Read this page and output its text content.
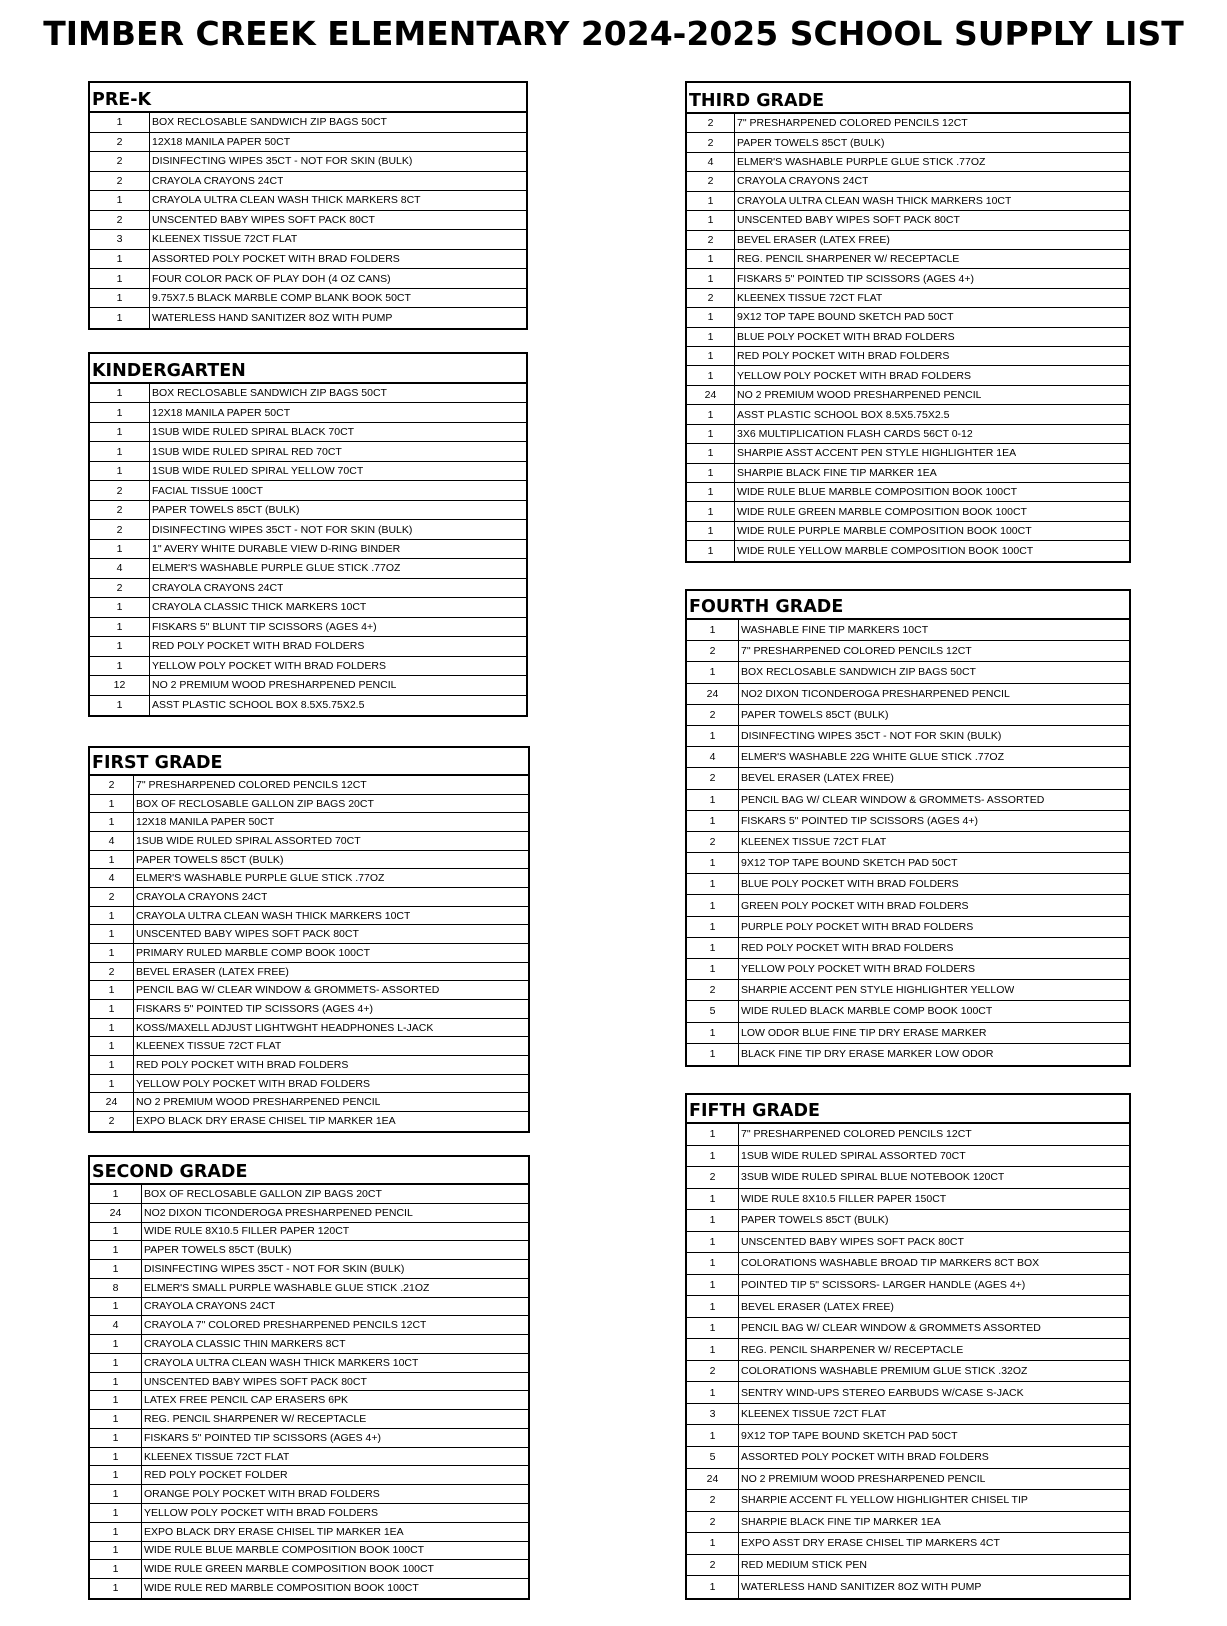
TIMBER CREEK ELEMENTARY 2024-2025 SCHOOL SUPPLY LIST
PRE-K
1	BOX RECLOSABLE SANDWICH ZIP BAGS 50CT
2	12X18 MANILA PAPER 50CT
2	DISINFECTING WIPES 35CT - NOT FOR SKIN (BULK)
2	CRAYOLA CRAYONS 24CT
1	CRAYOLA ULTRA CLEAN WASH THICK MARKERS 8CT
2	UNSCENTED BABY WIPES SOFT PACK 80CT
3	KLEENEX TISSUE 72CT FLAT
1	ASSORTED POLY POCKET WITH BRAD FOLDERS
1	FOUR COLOR PACK OF PLAY DOH (4 OZ CANS)
1	9.75X7.5 BLACK MARBLE COMP BLANK BOOK 50CT
1	WATERLESS HAND SANITIZER 8OZ WITH PUMP
KINDERGARTEN
1	BOX RECLOSABLE SANDWICH ZIP BAGS 50CT
1	12X18 MANILA PAPER 50CT
1	1SUB WIDE RULED SPIRAL BLACK 70CT
1	1SUB WIDE RULED SPIRAL RED 70CT
1	1SUB WIDE RULED SPIRAL YELLOW 70CT
2	FACIAL TISSUE 100CT
2	PAPER TOWELS 85CT (BULK)
2	DISINFECTING WIPES 35CT - NOT FOR SKIN (BULK)
1	1" AVERY WHITE DURABLE VIEW D-RING BINDER
4	ELMER'S WASHABLE PURPLE GLUE STICK .77OZ
2	CRAYOLA CRAYONS 24CT
1	CRAYOLA CLASSIC THICK MARKERS 10CT
1	FISKARS 5" BLUNT TIP SCISSORS (AGES 4+)
1	RED POLY POCKET WITH BRAD FOLDERS
1	YELLOW POLY POCKET WITH BRAD FOLDERS
12	NO 2 PREMIUM WOOD PRESHARPENED PENCIL
1	ASST PLASTIC SCHOOL BOX 8.5X5.75X2.5
FIRST GRADE
2	7" PRESHARPENED COLORED PENCILS 12CT
1	BOX OF RECLOSABLE GALLON ZIP BAGS 20CT
1	12X18 MANILA PAPER 50CT
4	1SUB WIDE RULED SPIRAL ASSORTED 70CT
1	PAPER TOWELS 85CT (BULK)
4	ELMER'S WASHABLE PURPLE GLUE STICK .77OZ
2	CRAYOLA CRAYONS 24CT
1	CRAYOLA ULTRA CLEAN WASH THICK MARKERS 10CT
1	UNSCENTED BABY WIPES SOFT PACK 80CT
1	PRIMARY RULED MARBLE COMP BOOK 100CT
2	BEVEL ERASER (LATEX FREE)
1	PENCIL BAG W/ CLEAR WINDOW & GROMMETS- ASSORTED
1	FISKARS 5" POINTED TIP SCISSORS (AGES 4+)
1	KOSS/MAXELL ADJUST LIGHTWGHT HEADPHONES L-JACK
1	KLEENEX TISSUE 72CT FLAT
1	RED POLY POCKET WITH BRAD FOLDERS
1	YELLOW POLY POCKET WITH BRAD FOLDERS
24	NO 2 PREMIUM WOOD PRESHARPENED PENCIL
2	EXPO BLACK DRY ERASE CHISEL TIP MARKER 1EA
SECOND GRADE
1	BOX OF RECLOSABLE GALLON ZIP BAGS 20CT
24	NO2 DIXON TICONDEROGA PRESHARPENED PENCIL
1	WIDE RULE 8X10.5 FILLER PAPER 120CT
1	PAPER TOWELS 85CT (BULK)
1	DISINFECTING WIPES 35CT - NOT FOR SKIN (BULK)
8	ELMER'S SMALL PURPLE WASHABLE GLUE STICK .21OZ
1	CRAYOLA CRAYONS 24CT
4	CRAYOLA 7" COLORED PRESHARPENED PENCILS 12CT
1	CRAYOLA CLASSIC THIN MARKERS 8CT
1	CRAYOLA ULTRA CLEAN WASH THICK MARKERS 10CT
1	UNSCENTED BABY WIPES SOFT PACK 80CT
1	LATEX FREE PENCIL CAP ERASERS 6PK
1	REG. PENCIL SHARPENER W/ RECEPTACLE
1	FISKARS 5" POINTED TIP SCISSORS (AGES 4+)
1	KLEENEX TISSUE 72CT FLAT
1	RED POLY POCKET FOLDER
1	ORANGE POLY POCKET WITH BRAD FOLDERS
1	YELLOW POLY POCKET WITH BRAD FOLDERS
1	EXPO BLACK DRY ERASE CHISEL TIP MARKER 1EA
1	WIDE RULE BLUE MARBLE COMPOSITION BOOK 100CT
1	WIDE RULE GREEN MARBLE COMPOSITION BOOK 100CT
1	WIDE RULE RED MARBLE COMPOSITION BOOK 100CT
THIRD GRADE
2	7" PRESHARPENED COLORED PENCILS 12CT
2	PAPER TOWELS 85CT (BULK)
4	ELMER'S WASHABLE PURPLE GLUE STICK .77OZ
2	CRAYOLA CRAYONS 24CT
1	CRAYOLA ULTRA CLEAN WASH THICK MARKERS 10CT
1	UNSCENTED BABY WIPES SOFT PACK 80CT
2	BEVEL ERASER (LATEX FREE)
1	REG. PENCIL SHARPENER W/ RECEPTACLE
1	FISKARS 5" POINTED TIP SCISSORS (AGES 4+)
2	KLEENEX TISSUE 72CT FLAT
1	9X12 TOP TAPE BOUND SKETCH PAD 50CT
1	BLUE POLY POCKET WITH BRAD FOLDERS
1	RED POLY POCKET WITH BRAD FOLDERS
1	YELLOW POLY POCKET WITH BRAD FOLDERS
24	NO 2 PREMIUM WOOD PRESHARPENED PENCIL
1	ASST PLASTIC SCHOOL BOX 8.5X5.75X2.5
1	3X6 MULTIPLICATION FLASH CARDS 56CT 0-12
1	SHARPIE ASST ACCENT PEN STYLE HIGHLIGHTER 1EA
1	SHARPIE BLACK FINE TIP MARKER 1EA
1	WIDE RULE BLUE MARBLE COMPOSITION BOOK 100CT
1	WIDE RULE GREEN MARBLE COMPOSITION BOOK 100CT
1	WIDE RULE PURPLE MARBLE COMPOSITION BOOK 100CT
1	WIDE RULE YELLOW MARBLE COMPOSITION BOOK 100CT
FOURTH GRADE
1	WASHABLE FINE TIP MARKERS 10CT
2	7" PRESHARPENED COLORED PENCILS 12CT
1	BOX RECLOSABLE SANDWICH ZIP BAGS 50CT
24	NO2 DIXON TICONDEROGA PRESHARPENED PENCIL
2	PAPER TOWELS 85CT (BULK)
1	DISINFECTING WIPES 35CT - NOT FOR SKIN (BULK)
4	ELMER'S WASHABLE 22G WHITE GLUE STICK .77OZ
2	BEVEL ERASER (LATEX FREE)
1	PENCIL BAG W/ CLEAR WINDOW & GROMMETS- ASSORTED
1	FISKARS 5" POINTED TIP SCISSORS (AGES 4+)
2	KLEENEX TISSUE 72CT FLAT
1	9X12 TOP TAPE BOUND SKETCH PAD 50CT
1	BLUE POLY POCKET WITH BRAD FOLDERS
1	GREEN POLY POCKET WITH BRAD FOLDERS
1	PURPLE POLY POCKET WITH BRAD FOLDERS
1	RED POLY POCKET WITH BRAD FOLDERS
1	YELLOW POLY POCKET WITH BRAD FOLDERS
2	SHARPIE ACCENT PEN STYLE HIGHLIGHTER YELLOW
5	WIDE RULED BLACK MARBLE COMP BOOK 100CT
1	LOW ODOR BLUE FINE TIP DRY ERASE MARKER
1	BLACK FINE TIP DRY ERASE MARKER LOW ODOR
FIFTH GRADE
1	7" PRESHARPENED COLORED PENCILS 12CT
1	1SUB WIDE RULED SPIRAL ASSORTED 70CT
2	3SUB WIDE RULED SPIRAL BLUE NOTEBOOK 120CT
1	WIDE RULE 8X10.5 FILLER PAPER 150CT
1	PAPER TOWELS 85CT (BULK)
1	UNSCENTED BABY WIPES SOFT PACK 80CT
1	COLORATIONS WASHABLE BROAD TIP MARKERS 8CT BOX
1	POINTED TIP 5" SCISSORS- LARGER HANDLE (AGES 4+)
1	BEVEL ERASER (LATEX FREE)
1	PENCIL BAG W/ CLEAR WINDOW & GROMMETS ASSORTED
1	REG. PENCIL SHARPENER W/ RECEPTACLE
2	COLORATIONS WASHABLE PREMIUM GLUE STICK .32OZ
1	SENTRY WIND-UPS STEREO EARBUDS W/CASE S-JACK
3	KLEENEX TISSUE 72CT FLAT
1	9X12 TOP TAPE BOUND SKETCH PAD 50CT
5	ASSORTED POLY POCKET WITH BRAD FOLDERS
24	NO 2 PREMIUM WOOD PRESHARPENED PENCIL
2	SHARPIE ACCENT FL YELLOW HIGHLIGHTER CHISEL TIP
2	SHARPIE BLACK FINE TIP MARKER 1EA
1	EXPO ASST DRY ERASE CHISEL TIP MARKERS 4CT
2	RED MEDIUM STICK PEN
1	WATERLESS HAND SANITIZER 8OZ WITH PUMP
